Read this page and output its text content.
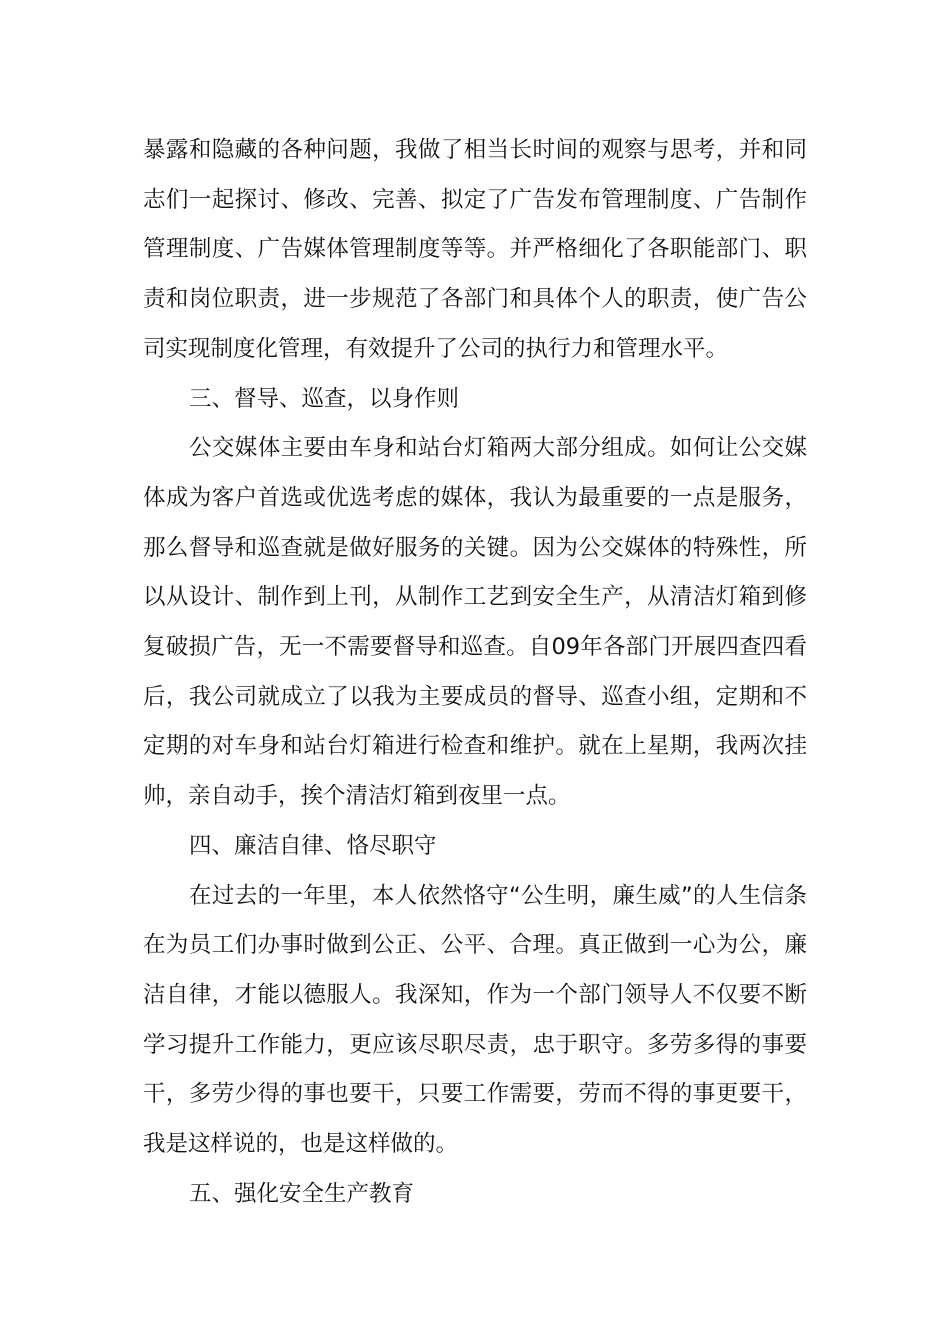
暴露和隐藏的各种问题，我做了相当长时间的观察与思考，并和同志们一起探讨、修改、完善、拟定了广告发布管理制度、广告制作管理制度、广告媒体管理制度等等。并严格细化了各职能部门、职责和岗位职责，进一步规范了各部门和具体个人的职责，使广告公司实现制度化管理，有效提升了公司的执行力和管理水平。

三、督导、巡查，以身作则

公交媒体主要由车身和站台灯箱两大部分组成。如何让公交媒体成为客户首选或优选考虑的媒体，我认为最重要的一点是服务，那么督导和巡查就是做好服务的关键。因为公交媒体的特殊性，所以从设计、制作到上刊，从制作工艺到安全生产，从清洁灯箱到修复破损广告，无一不需要督导和巡查。自09年各部门开展四查四看后，我公司就成立了以我为主要成员的督导、巡查小组，定期和不定期的对车身和站台灯箱进行检查和维护。就在上星期，我两次挂帅，亲自动手，挨个清洁灯箱到夜里一点。

四、廉洁自律、恪尽职守

在过去的一年里，本人依然恪守“公生明，廉生威”的人生信条在为员工们办事时做到公正、公平、合理。真正做到一心为公，廉洁自律，才能以德服人。我深知，作为一个部门领导人不仅要不断学习提升工作能力，更应该尽职尽责，忠于职守。多劳多得的事要干，多劳少得的事也要干，只要工作需要，劳而不得的事更要干，我是这样说的，也是这样做的。

五、强化安全生产教育
